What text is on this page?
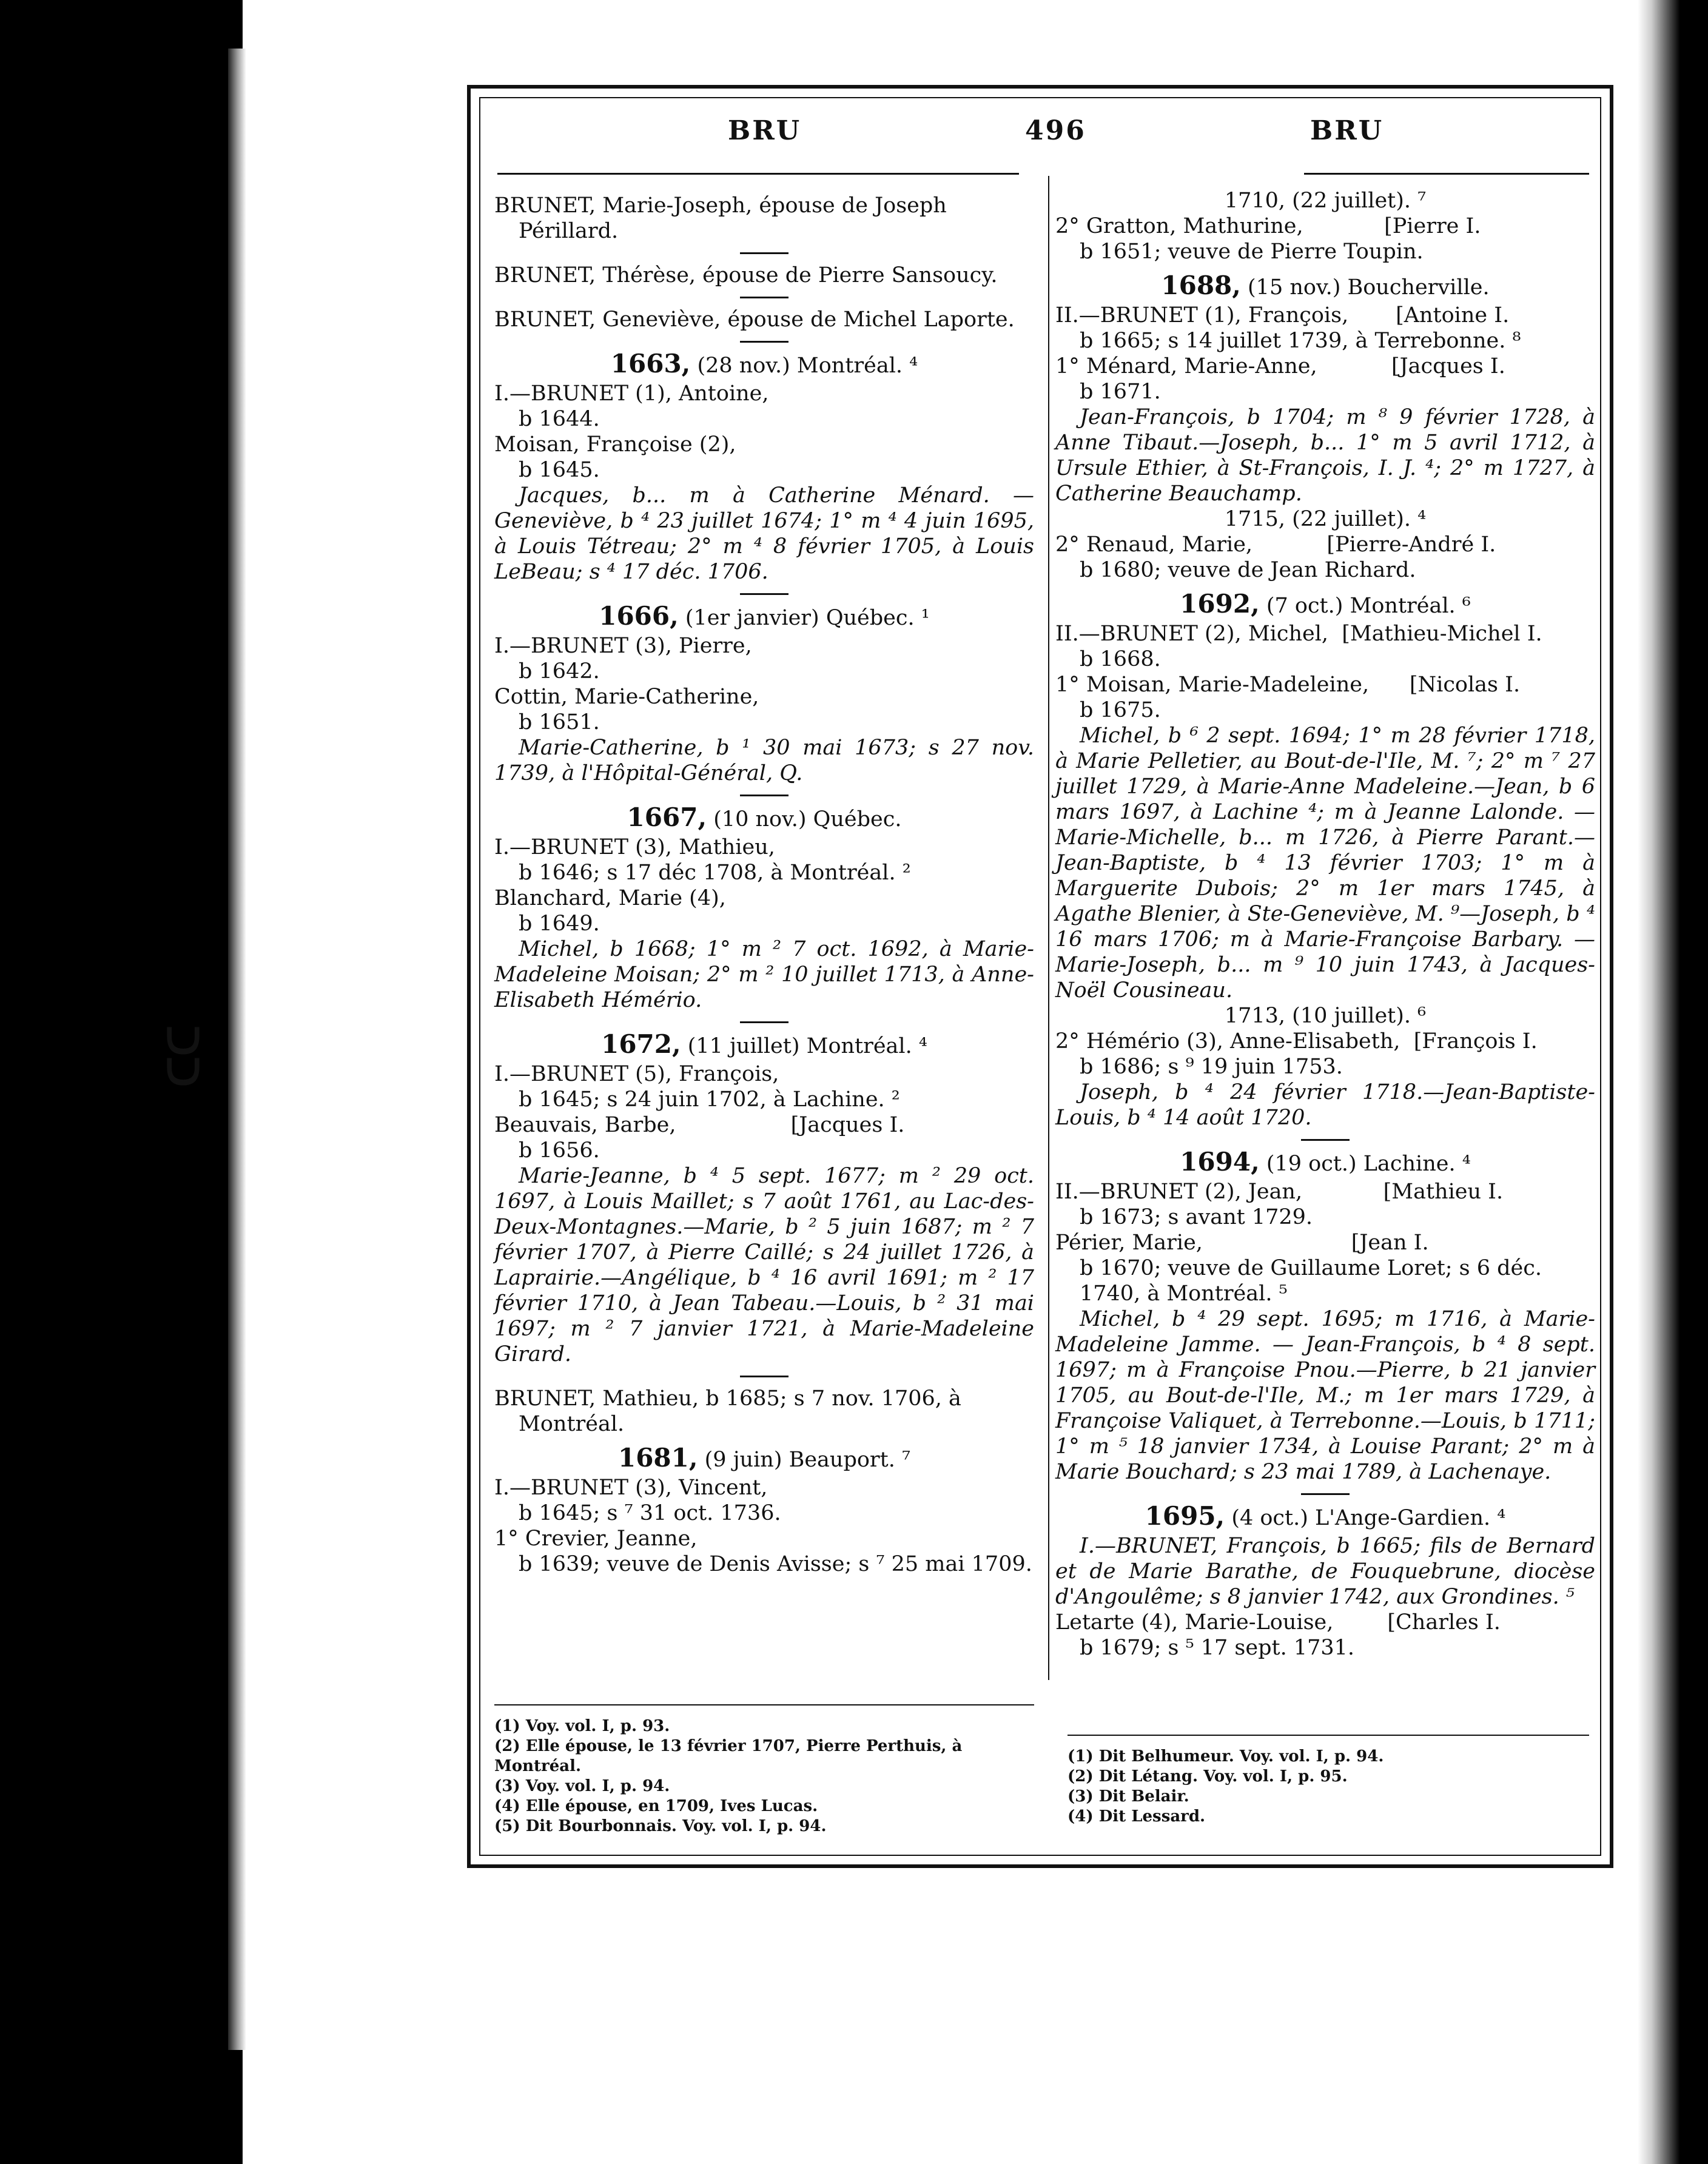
ᑐᑐ
BRU	496	BRU

BRUNET, Marie-Joseph, épouse de Joseph Périllard.

BRUNET, Thérèse, épouse de Pierre Sansoucy.

BRUNET, Geneviève, épouse de Michel Laporte.

1663, (28 nov.) Montréal. ⁴

I.—BRUNET (1), Antoine,

b 1644.

Moisan, Françoise (2),

b 1645.

Jacques, b... m à Catherine Ménard. — Geneviève, b ⁴ 23 juillet 1674; 1° m ⁴ 4 juin 1695, à Louis Tétreau; 2° m ⁴ 8 février 1705, à Louis LeBeau; s ⁴ 17 déc. 1706.

1666, (1er janvier) Québec. ¹

I.—BRUNET (3), Pierre,

b 1642.

Cottin, Marie-Catherine,

b 1651.

Marie-Catherine, b ¹ 30 mai 1673; s 27 nov. 1739, à l'Hôpital-Général, Q.

1667, (10 nov.) Québec.

I.—BRUNET (3), Mathieu,

b 1646; s 17 déc 1708, à Montréal. ²

Blanchard, Marie (4),

b 1649.

Michel, b 1668; 1° m ² 7 oct. 1692, à Marie-Madeleine Moisan; 2° m ² 10 juillet 1713, à Anne-Elisabeth Hémério.

1672, (11 juillet) Montréal. ⁴

I.—BRUNET (5), François,

b 1645; s 24 juin 1702, à Lachine. ²

Beauvais, Barbe,                 [Jacques I.

b 1656.

Marie-Jeanne, b ⁴ 5 sept. 1677; m ² 29 oct. 1697, à Louis Maillet; s 7 août 1761, au Lac-des-Deux-Montagnes.—Marie, b ² 5 juin 1687; m ² 7 février 1707, à Pierre Caillé; s 24 juillet 1726, à Laprairie.—Angélique, b ⁴ 16 avril 1691; m ² 17 février 1710, à Jean Tabeau.—Louis, b ² 31 mai 1697; m ² 7 janvier 1721, à Marie-Madeleine Girard.

BRUNET, Mathieu, b 1685; s 7 nov. 1706, à Montréal.

1681, (9 juin) Beauport. ⁷

I.—BRUNET (3), Vincent,

b 1645; s ⁷ 31 oct. 1736.

1° Crevier, Jeanne,

b 1639; veuve de Denis Avisse; s ⁷ 25 mai 1709.

1710, (22 juillet). ⁷

2° Gratton, Mathurine,            [Pierre I.

b 1651; veuve de Pierre Toupin.

1688, (15 nov.) Boucherville.

II.—BRUNET (1), François,       [Antoine I.

b 1665; s 14 juillet 1739, à Terrebonne. ⁸

1° Ménard, Marie-Anne,           [Jacques I.

b 1671.

Jean-François, b 1704; m ⁸ 9 février 1728, à Anne Tibaut.—Joseph, b... 1° m 5 avril 1712, à Ursule Ethier, à St-François, I. J. ⁴; 2° m 1727, à Catherine Beauchamp.

1715, (22 juillet). ⁴

2° Renaud, Marie,           [Pierre-André I.

b 1680; veuve de Jean Richard.

1692, (7 oct.) Montréal. ⁶

II.—BRUNET (2), Michel,  [Mathieu-Michel I.

b 1668.

1° Moisan, Marie-Madeleine,      [Nicolas I.

b 1675.

Michel, b ⁶ 2 sept. 1694; 1° m 28 février 1718, à Marie Pelletier, au Bout-de-l'Ile, M. ⁷; 2° m ⁷ 27 juillet 1729, à Marie-Anne Madeleine.—Jean, b 6 mars 1697, à Lachine ⁴; m à Jeanne Lalonde. — Marie-Michelle, b... m 1726, à Pierre Parant.—Jean-Baptiste, b ⁴ 13 février 1703; 1° m à Marguerite Dubois; 2° m 1er mars 1745, à Agathe Blenier, à Ste-Geneviève, M. ⁹—Joseph, b ⁴ 16 mars 1706; m à Marie-Françoise Barbary. — Marie-Joseph, b... m ⁹ 10 juin 1743, à Jacques-Noël Cousineau.

1713, (10 juillet). ⁶

2° Hémério (3), Anne-Elisabeth,  [François I.

b 1686; s ⁹ 19 juin 1753.

Joseph, b ⁴ 24 février 1718.—Jean-Baptiste-Louis, b ⁴ 14 août 1720.

1694, (19 oct.) Lachine. ⁴

II.—BRUNET (2), Jean,            [Mathieu I.

b 1673; s avant 1729.

Périer, Marie,                      [Jean I.

b 1670; veuve de Guillaume Loret; s 6 déc. 1740, à Montréal. ⁵

Michel, b ⁴ 29 sept. 1695; m 1716, à Marie-Madeleine Jamme. — Jean-François, b ⁴ 8 sept. 1697; m à Françoise Pnou.—Pierre, b 21 janvier 1705, au Bout-de-l'Ile, M.; m 1er mars 1729, à Françoise Valiquet, à Terrebonne.—Louis, b 1711; 1° m ⁵ 18 janvier 1734, à Louise Parant; 2° m à Marie Bouchard; s 23 mai 1789, à Lachenaye.

1695, (4 oct.) L'Ange-Gardien. ⁴

I.—BRUNET, François, b 1665; fils de Bernard et de Marie Barathe, de Fouquebrune, diocèse d'Angoulême; s 8 janvier 1742, aux Grondines. ⁵

Letarte (4), Marie-Louise,        [Charles I.

b 1679; s ⁵ 17 sept. 1731.

(1) Voy. vol. I, p. 93.
(2) Elle épouse, le 13 février 1707, Pierre Perthuis, à Montréal.
(3) Voy. vol. I, p. 94.
(4) Elle épouse, en 1709, Ives Lucas.
(5) Dit Bourbonnais. Voy. vol. I, p. 94.
(1) Dit Belhumeur. Voy. vol. I, p. 94.
(2) Dit Létang. Voy. vol. I, p. 95.
(3) Dit Belair.
(4) Dit Lessard.
